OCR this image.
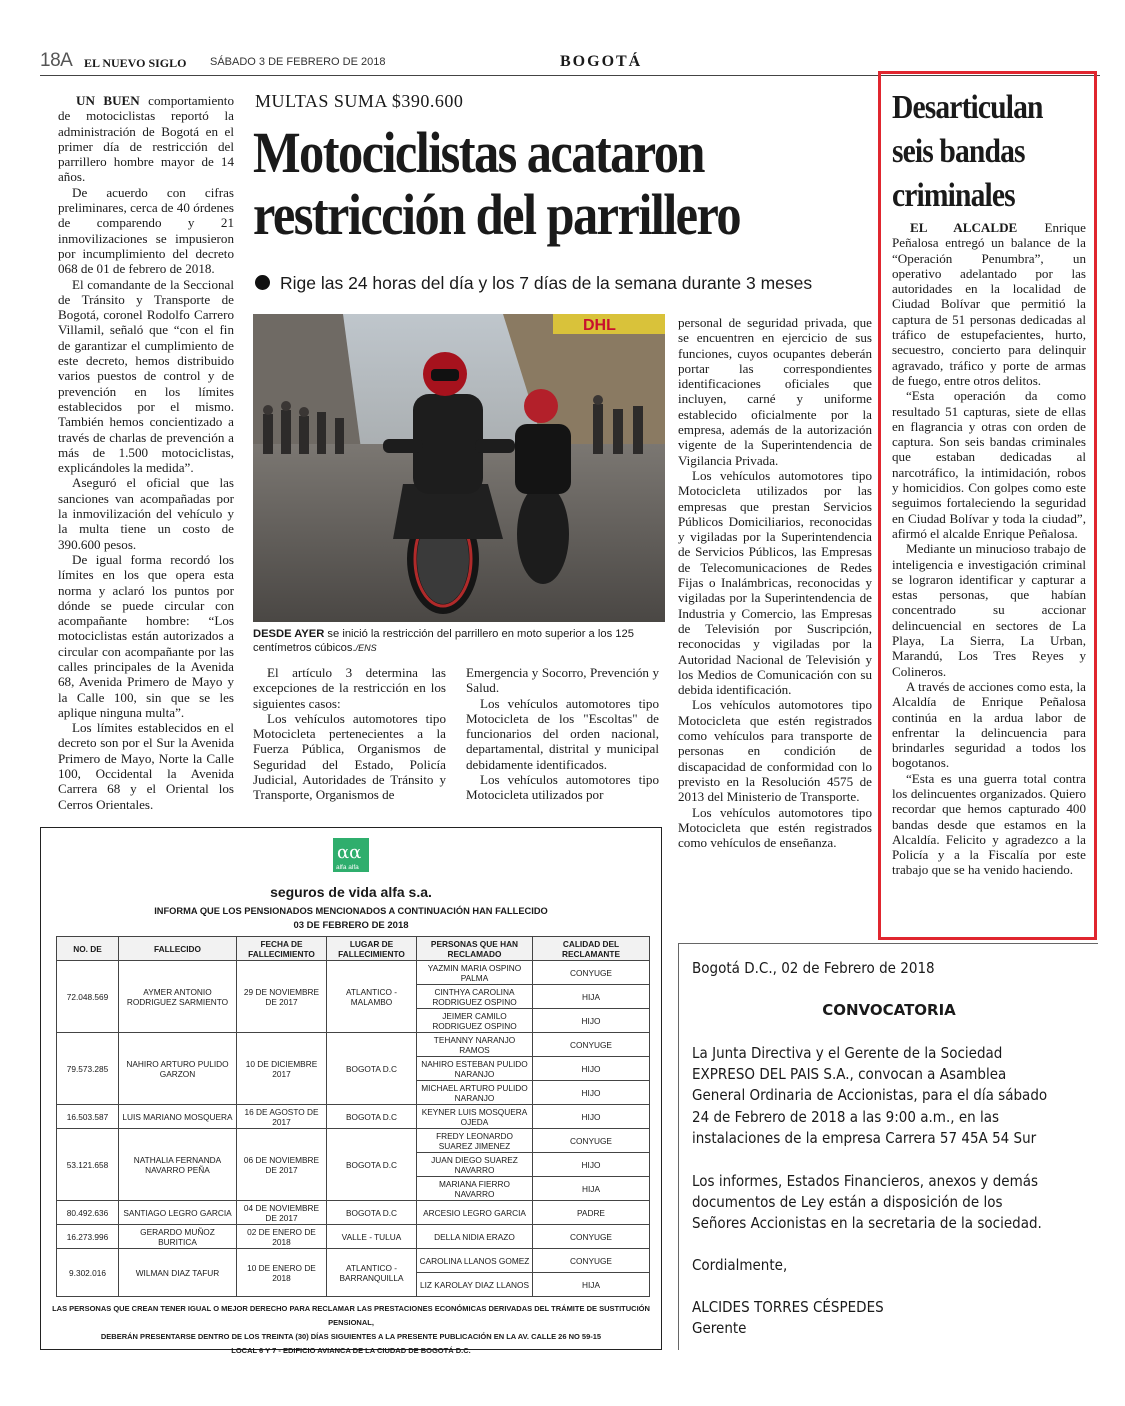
18A EL NUEVO SIGLO SÁBADO 3 DE FEBRERO DE 2018	BOGOTÁ

UN BUEN comportamiento de motociclistas reportó la administración de Bogotá en el primer día de restricción del parrillero hombre mayor de 14 años.

De acuerdo con cifras preliminares, cerca de 40 órdenes de comparendo y 21 inmovilizaciones se impusieron por incumplimiento del decreto 068 de 01 de febrero de 2018.

El comandante de la Seccional de Tránsito y Transporte de Bogotá, coronel Rodolfo Carrero Villamil, señaló que “con el fin de garantizar el cumplimiento de este decreto, hemos distribuido varios puestos de control y de prevención en los límites establecidos por el mismo. También hemos concientizado a través de charlas de prevención a más de 1.500 motociclistas, explicándoles la medida”.

Aseguró el oficial que las sanciones van acompañadas por la inmovilización del vehículo y la multa tiene un costo de 390.600 pesos.

De igual forma recordó los límites en los que opera esta norma y aclaró los puntos por dónde se puede circular con acompañante hombre: “Los motociclistas están autorizados a circular con acompañante por las calles principales de la Avenida 68, Avenida Primero de Mayo y la Calle 100, sin que se les aplique ninguna multa”.

Los límites establecidos en el decreto son por el Sur la Avenida Primero de Mayo, Norte la Calle 100, Occidental la Avenida Carrera 68 y el Oriental los Cerros Orientales.

MULTAS SUMA $390.600
Motociclistas acataron
restricción del parrillero
Rige las 24 horas del día y los 7 días de la semana durante 3 meses
DHL
DESDE AYER se inició la restricción del parrillero en moto superior a los 125 centímetros cúbicos./ENS

El artículo 3 determina las excepciones de la restricción en los siguientes casos:

Los vehículos automotores tipo Motocicleta pertenecientes a la Fuerza Pública, Organismos de Seguridad del Estado, Policía Judicial, Autoridades de Tránsito y Transporte, Organismos de

Emergencia y Socorro, Prevención y Salud.

Los vehículos automotores tipo Motocicleta de los "Escoltas" de funcionarios del orden nacional, departamental, distrital y municipal debidamente identificados.

Los vehículos automotores tipo Motocicleta utilizados por

personal de seguridad privada, que se encuentren en ejercicio de sus funciones, cuyos ocupantes deberán portar las correspondientes identificaciones oficiales que incluyen, carné y uniforme establecido oficialmente por la empresa, además de la autorización vigente de la Superintendencia de Vigilancia Privada.

Los vehículos automotores tipo Motocicleta utilizados por las empresas que prestan Servicios Públicos Domiciliarios, reconocidas y vigiladas por la Superintendencia de Servicios Públicos, las Empresas de Telecomunicaciones de Redes Fijas o Inalámbricas, reconocidas y vigiladas por la Superintendencia de Industria y Comercio, las Empresas de Televisión por Suscripción, reconocidas y vigiladas por la Autoridad Nacional de Televisión y los Medios de Comunicación con su debida identificación.

Los vehículos automotores tipo Motocicleta que estén registrados como vehículos para transporte de personas en condición de discapacidad de conformidad con lo previsto en la Resolución 4575 de 2013 del Ministerio de Transporte.

Los vehículos automotores tipo Motocicleta que estén registrados como vehículos de enseñanza.

Desarticulan
seis bandas
criminales

EL ALCALDE Enrique Peñalosa entregó un balance de la “Operación Penumbra”, un operativo adelantado por las autoridades en la localidad de Ciudad Bolívar que permitió la captura de 51 personas dedicadas al tráfico de estupefacientes, hurto, secuestro, concierto para delinquir agravado, tráfico y porte de armas de fuego, entre otros delitos.

“Esta operación da como resultado 51 capturas, siete de ellas en flagrancia y otras con orden de captura. Son seis bandas criminales que estaban dedicadas al narcotráfico, la intimidación, robos y homicidios. Con golpes como este seguimos fortaleciendo la seguridad en Ciudad Bolívar y toda la ciudad”, afirmó el alcalde Enrique Peñalosa.

Mediante un minucioso trabajo de inteligencia e investigación criminal se lograron identificar y capturar a estas personas, que habían concentrado su accionar delincuencial en sectores de La Playa, La Sierra, La Urban, Marandú, Los Tres Reyes y Colineros.

A través de acciones como esta, la Alcaldía de Enrique Peñalosa continúa en la ardua labor de enfrentar la delincuencia para brindarles seguridad a todos los bogotanos.

“Esta es una guerra total contra los delincuentes organizados. Quiero recordar que hemos capturado 400 bandas desde que estamos en la Alcaldía. Felicito y agradezco a la Policía y a la Fiscalía por este trabajo que se ha venido haciendo.

αα
alfa alfa
seguros de vida alfa s.a.
INFORMA QUE LOS PENSIONADOS MENCIONADOS A CONTINUACIÓN HAN FALLECIDO
03 DE FEBRERO DE 2018
NO. DE	FALLECIDO	FECHA DE FALLECIMIENTO	LUGAR DE FALLECIMIENTO	PERSONAS QUE HAN RECLAMADO	CALIDAD DEL RECLAMANTE
72.048.569	AYMER ANTONIO RODRIGUEZ SARMIENTO	29 DE NOVIEMBRE DE 2017	ATLANTICO - MALAMBO	YAZMIN MARIA OSPINO PALMA	CONYUGE
				CINTHYA CAROLINA RODRIGUEZ OSPINO	HIJA
				JEIMER CAMILO RODRIGUEZ OSPINO	HIJO
79.573.285	NAHIRO ARTURO PULIDO GARZON	10 DE DICIEMBRE 2017	BOGOTA D.C	TEHANNY NARANJO RAMOS	CONYUGE
				NAHIRO ESTEBAN PULIDO NARANJO	HIJO
				MICHAEL ARTURO PULIDO NARANJO	HIJO
16.503.587	LUIS MARIANO MOSQUERA	16 DE AGOSTO DE 2017	BOGOTA D.C	KEYNER LUIS MOSQUERA OJEDA	HIJO
53.121.658	NATHALIA FERNANDA NAVARRO PEÑA	06 DE NOVIEMBRE DE 2017	BOGOTA D.C	FREDY LEONARDO SUAREZ JIMENEZ	CONYUGE
				JUAN DIEGO SUAREZ NAVARRO	HIJO
				MARIANA FIERRO NAVARRO	HIJA
80.492.636	SANTIAGO LEGRO GARCIA	04 DE NOVIEMBRE DE 2017	BOGOTA D.C	ARCESIO LEGRO GARCIA	PADRE
16.273.996	GERARDO MUÑOZ BURITICA	02 DE ENERO DE 2018	VALLE - TULUA	DELLA NIDIA ERAZO	CONYUGE
9.302.016	WILMAN DIAZ TAFUR	10 DE ENERO DE 2018	ATLANTICO - BARRANQUILLA	CAROLINA LLANOS GOMEZ	CONYUGE
				LIZ KAROLAY DIAZ LLANOS	HIJA
LAS PERSONAS QUE CREAN TENER IGUAL O MEJOR DERECHO PARA RECLAMAR LAS PRESTACIONES ECONÓMICAS DERIVADAS DEL TRÁMITE DE SUSTITUCIÓN PENSIONAL,
DEBERÁN PRESENTARSE DENTRO DE LOS TREINTA (30) DÍAS SIGUIENTES A LA PRESENTE PUBLICACIÓN EN LA AV. CALLE 26 NO 59-15
LOCAL 6 Y 7 - EDIFICIO AVIANCA DE LA CIUDAD DE BOGOTÁ D.C.
Bogotá D.C., 02 de Febrero de 2018
CONVOCATORIA
La Junta Directiva y el Gerente de la Sociedad
EXPRESO DEL PAIS S.A., convocan a Asamblea
General Ordinaria de Accionistas, para el día sábado
24 de Febrero de 2018 a las 9:00 a.m., en las
instalaciones de la empresa Carrera 57 45A 54 Sur
Los informes, Estados Financieros, anexos y demás
documentos de Ley están a disposición de los
Señores Accionistas en la secretaria de la sociedad.
Cordialmente,
ALCIDES TORRES CÉSPEDES
Gerente
